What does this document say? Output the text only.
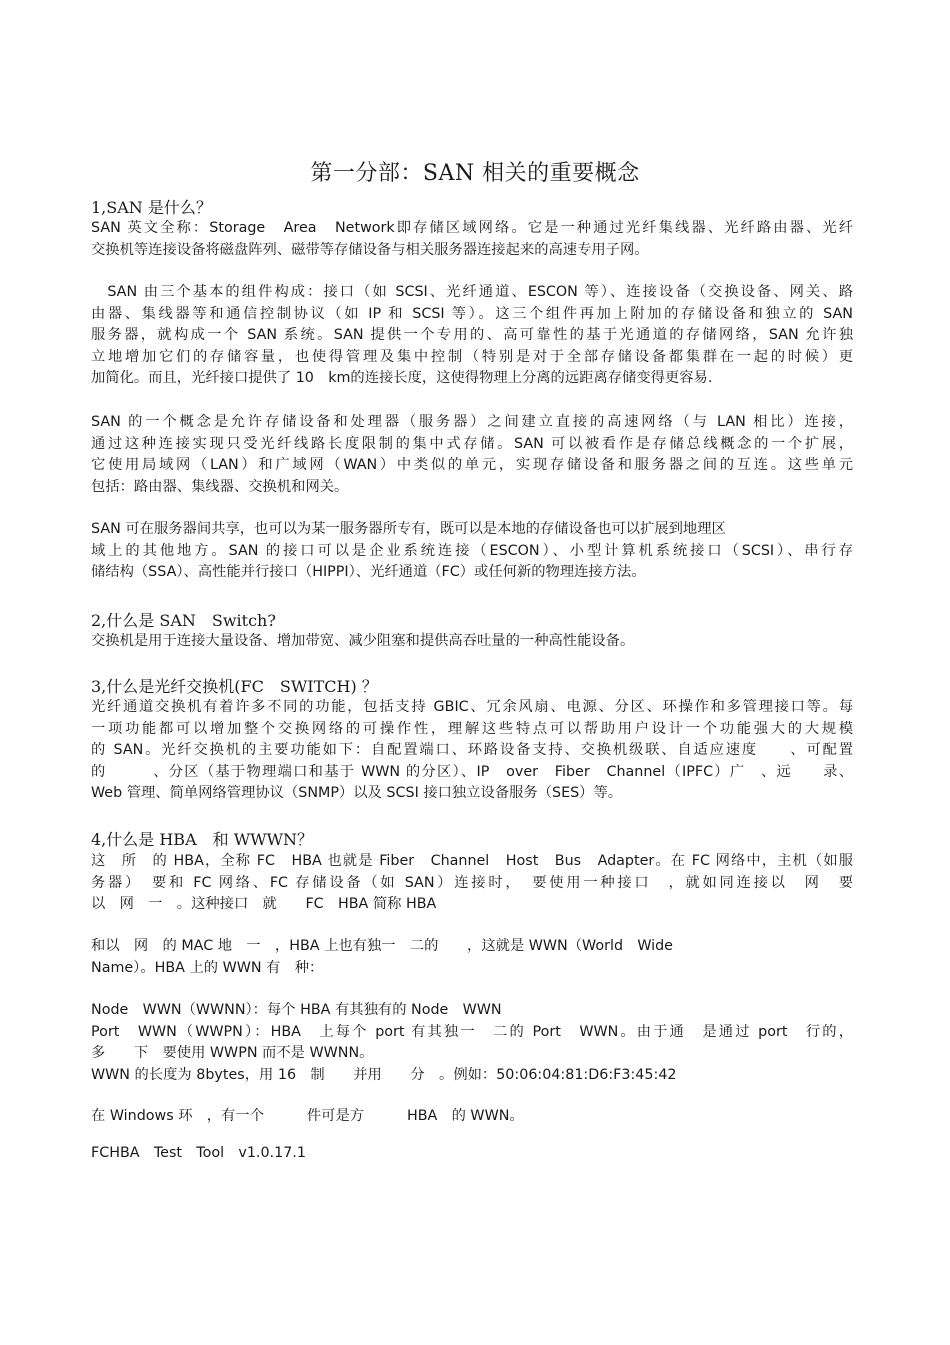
第一分部：SAN 相关的重要概念
1,SAN 是什么？
SAN 英文全称：Storage　Area　Network即存储区域网络。它是一种通过光纤集线器、光纤路由器、光纤
交换机等连接设备将磁盘阵列、磁带等存储设备与相关服务器连接起来的高速专用子网。
　SAN 由三个基本的组件构成：接口（如 SCSI、光纤通道、ESCON 等）、连接设备（交换设备、网关、路
由器、集线器等和通信控制协议（如 IP 和 SCSI 等）。这三个组件再加上附加的存储设备和独立的 SAN
服务器，就构成一个 SAN 系统。SAN 提供一个专用的、高可靠性的基于光通道的存储网络，SAN 允许独
立地增加它们的存储容量，也使得管理及集中控制（特别是对于全部存储设备都集群在一起的时候）更
加简化。而且，光纤接口提供了 10　km的连接长度，这使得物理上分离的远距离存储变得更容易.
SAN 的一个概念是允许存储设备和处理器（服务器）之间建立直接的高速网络（与 LAN 相比）连接，
通过这种连接实现只受光纤线路长度限制的集中式存储。SAN 可以被看作是存储总线概念的一个扩展，
它使用局域网（LAN）和广域网（WAN）中类似的单元，实现存储设备和服务器之间的互连。这些单元
包括：路由器、集线器、交换机和网关。
SAN 可在服务器间共享，也可以为某一服务器所专有，既可以是本地的存储设备也可以扩展到地理区
域上的其他地方。SAN 的接口可以是企业系统连接（ESCON）、小型计算机系统接口（SCSI）、串行存
储结构（SSA）、高性能并行接口（HIPPI）、光纤通道（FC）或任何新的物理连接方法。
2,什么是 SAN　Switch?
交换机是用于连接大量设备、增加带宽、减少阻塞和提供高吞吐量的一种高性能设备。
3,什么是光纤交换机(FC　SWITCH) ？
光纤通道交换机有着许多不同的功能，包括支持 GBIC、冗余风扇、电源、分区、环操作和多管理接口等。每
一项功能都可以增加整个交换网络的可操作性，理解这些特点可以帮助用户设计一个功能强大的大规模
的 SAN。光纤交换机的主要功能如下：自配置端口、环路设备支持、交换机级联、自适应速度　　、可配置
的　　　、分区（基于物理端口和基于 WWN 的分区）、IP　over　Fiber　Channel（IPFC）广　、远　　录、
Web 管理、简单网络管理协议（SNMP）以及 SCSI 接口独立设备服务（SES）等。
4,什么是 HBA　和 WWWN？
这　所　的 HBA，全称 FC　HBA 也就是 Fiber　Channel　Host　Bus　Adapter。在 FC 网络中，主机（如服
务器）　要和 FC 网络、FC 存储设备（如 SAN）连接时，　要使用一种接口　，就如同连接以　网　要
以　网　一　。这种接口　就　　FC　HBA 简称 HBA
和以　网　的 MAC 地　一　，HBA 上也有独一　二的　　，这就是 WWN（World　Wide
Name）。HBA 上的 WWN 有　种：
Node　WWN（WWNN）：每个 HBA 有其独有的 Node　WWN
Port　WWN（WWPN）：HBA　上每个 port 有其独一　二的 Port　WWN。由于通　是通过 port　行的，
多　　下　要使用 WWPN 而不是 WWNN。
WWN 的长度为 8bytes，用 16　制　　并用　　分　。例如：50:06:04:81:D6:F3:45:42
在 Windows 环　，有一个　　　件可是方　　　HBA　的 WWN。
FCHBA　Test　Tool　v1.0.17.1
